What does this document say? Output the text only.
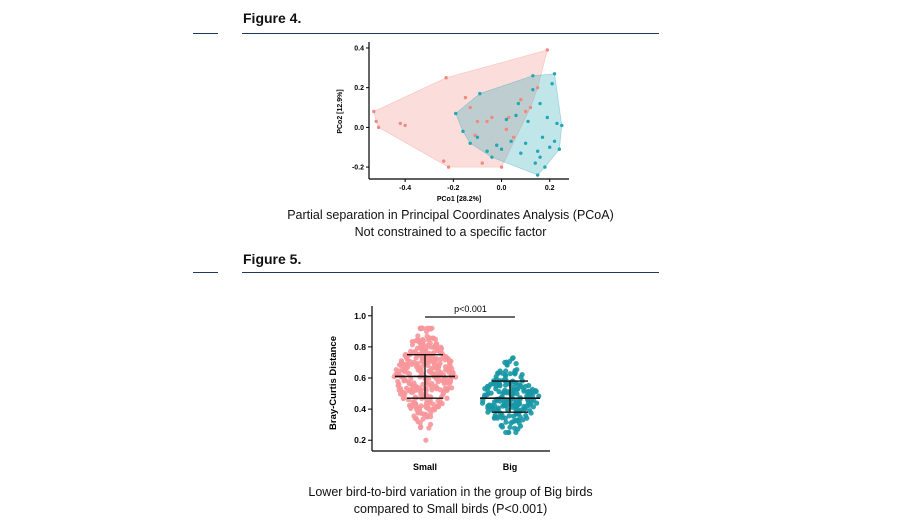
Figure 4.
-0.2
0.0
0.2
0.4
-0.4	-0.2	0.0	0.2
PCo1 [28.2%]
PCo2 [12.9%]
Partial separation in Principal Coordinates Analysis (PCoA)
Not constrained to a specific factor
Figure 5.
Small	Big
0.2
0.4
0.6
0.8
1.0
Bray-Curtis Distance
p<0.001
Lower bird-to-bird variation in the group of Big birds
compared to Small birds (P<0.001)
